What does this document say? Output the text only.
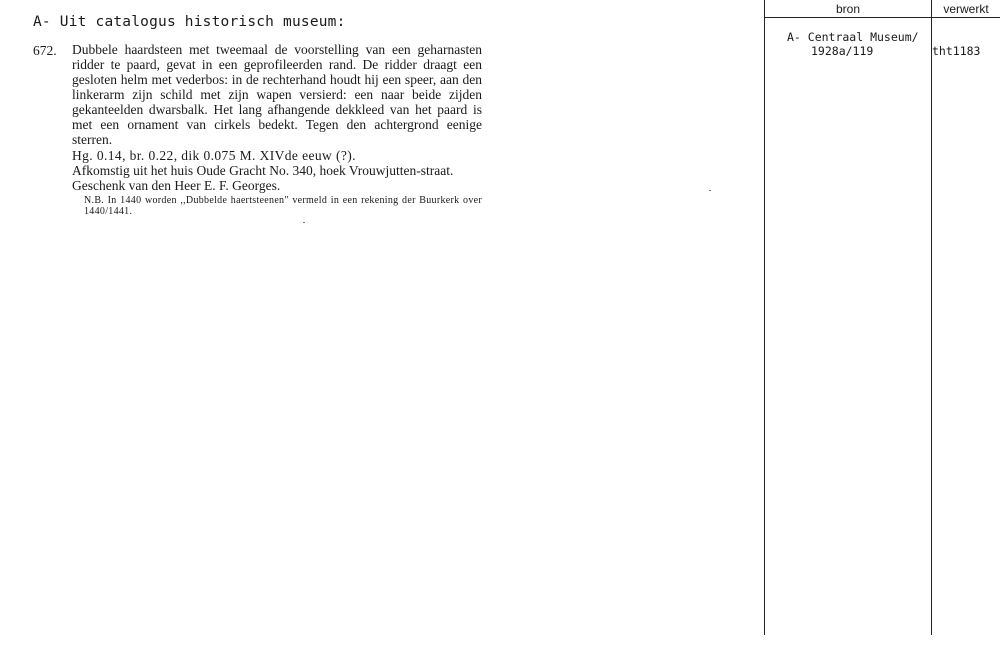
A- Uit catalogus historisch museum:
672. Dubbele haardsteen met tweemaal de voorstelling van een geharnasten ridder te paard, gevat in een geprofileerden rand. De ridder draagt een gesloten helm met vederbos: in de rechterhand houdt hij een speer, aan den linkerarm zijn schild met zijn wapen versierd: een naar beide zijden gekanteelden dwarsbalk. Het lang afhangende dekkleed van het paard is met een ornament van cirkels bedekt. Tegen den achtergrond eenige sterren.

Hg. 0.14, br. 0.22, dik 0.075 M. XIVde eeuw (?).

Afkomstig uit het huis Oude Gracht No. 340, hoek Vrouwjutten-straat.

Geschenk van den Heer E. F. Georges.

N.B. In 1440 worden ,,Dubbelde haertsteenen" vermeld in een rekening der Buurkerk over 1440/1441.

bron	verwerkt
A- Centraal Museum/
1928a/119	tht1183
